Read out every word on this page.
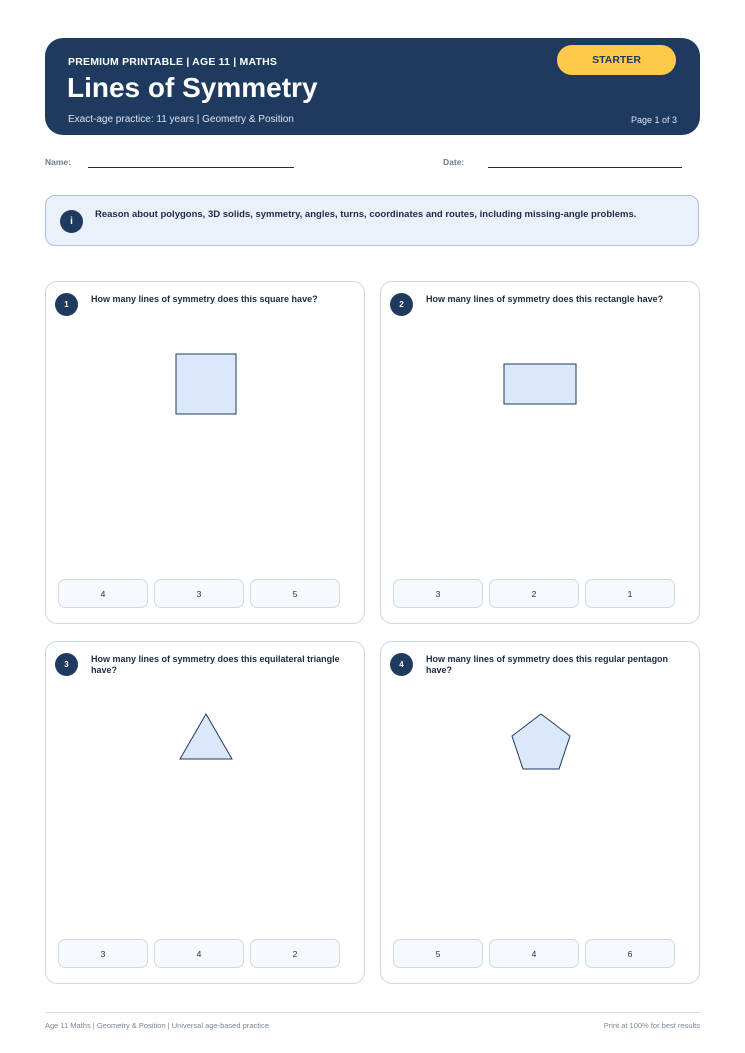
PREMIUM PRINTABLE | AGE 11 | MATHS
Lines of Symmetry
Exact-age practice: 11 years | Geometry & Position
STARTER
Page 1 of 3
Name:	Date:
i
Reason about polygons, 3D solids, symmetry, angles, turns, coordinates and routes, including missing-angle problems.
1
How many lines of symmetry does this square have?
4	3	5
2
How many lines of symmetry does this rectangle have?
3	2	1
3
How many lines of symmetry does this equilateral triangle have?
3	4	2
4
How many lines of symmetry does this regular pentagon have?
5	4	6
Age 11 Maths | Geometry & Position | Universal age-based practice	Print at 100% for best results
